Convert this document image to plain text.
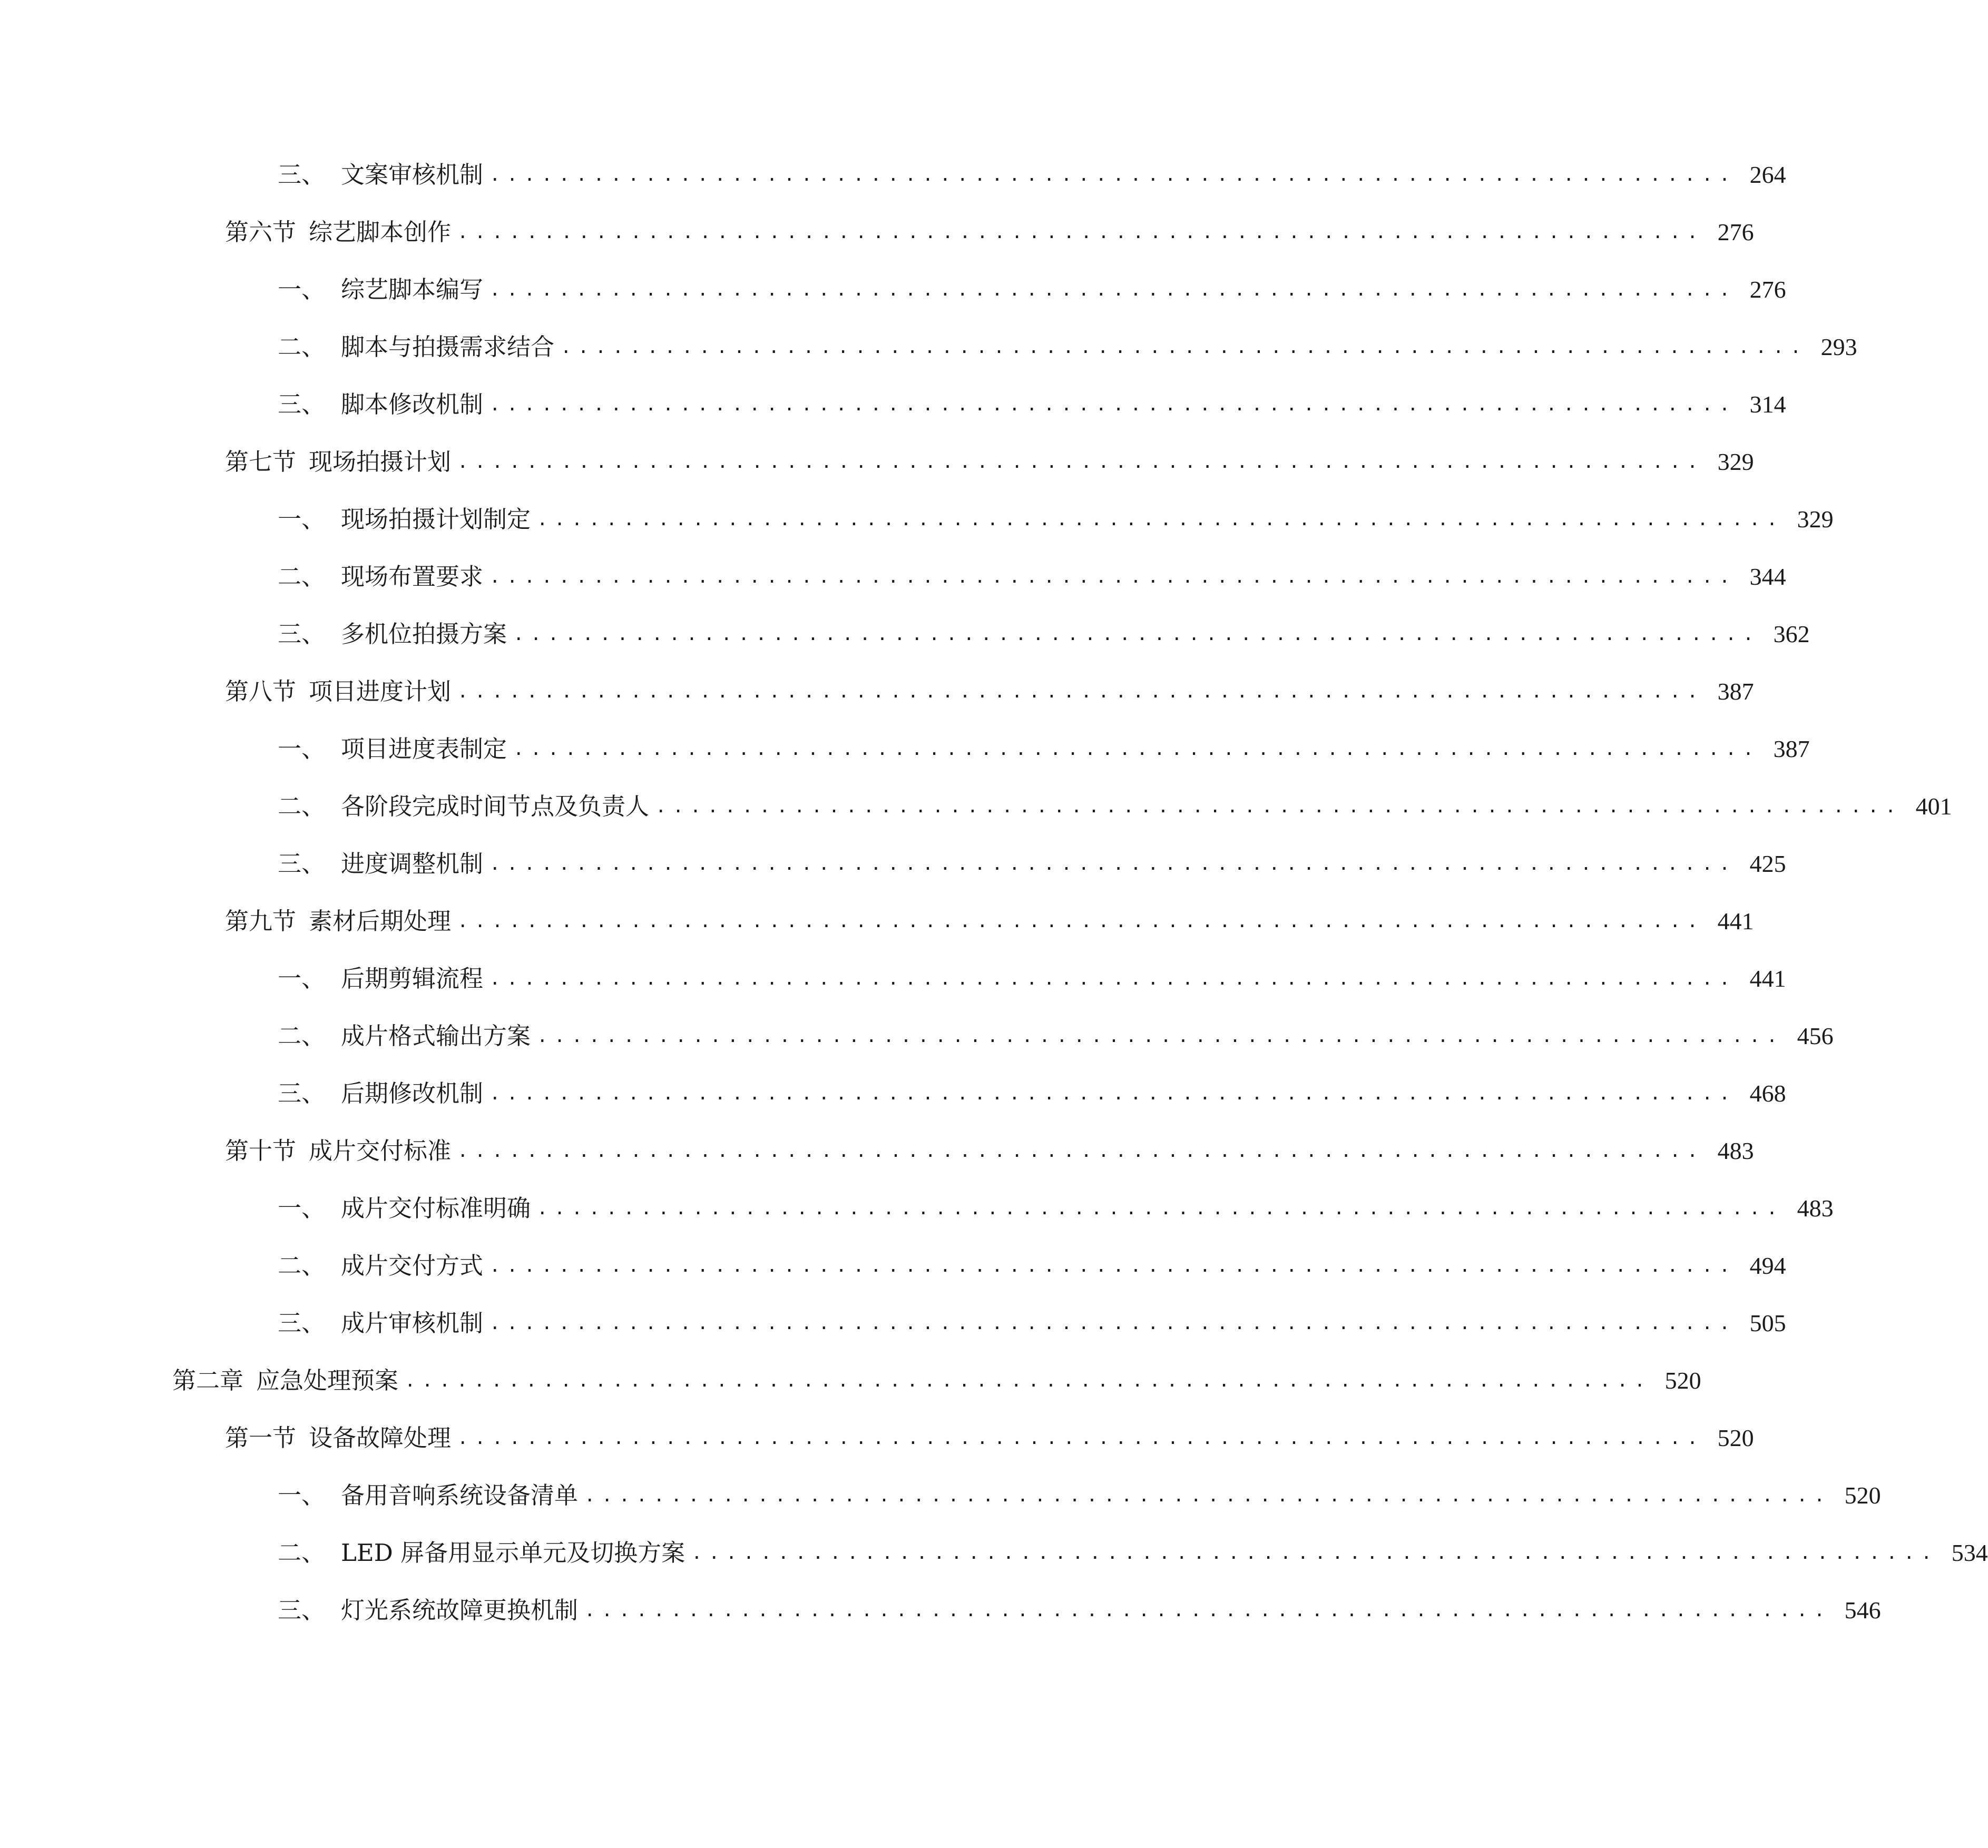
三、 文案审核机制 ........................................................................ 264
第六节 综艺脚本创作 ........................................................................ 276
一、 综艺脚本编写 ........................................................................ 276
二、 脚本与拍摄需求结合 ........................................................................ 293
三、 脚本修改机制 ........................................................................ 314
第七节 现场拍摄计划 ........................................................................ 329
一、 现场拍摄计划制定 ........................................................................ 329
二、 现场布置要求 ........................................................................ 344
三、 多机位拍摄方案 ........................................................................ 362
第八节 项目进度计划 ........................................................................ 387
一、 项目进度表制定 ........................................................................ 387
二、 各阶段完成时间节点及负责人 ........................................................................ 401
三、 进度调整机制 ........................................................................ 425
第九节 素材后期处理 ........................................................................ 441
一、 后期剪辑流程 ........................................................................ 441
二、 成片格式输出方案 ........................................................................ 456
三、 后期修改机制 ........................................................................ 468
第十节 成片交付标准 ........................................................................ 483
一、 成片交付标准明确 ........................................................................ 483
二、 成片交付方式 ........................................................................ 494
三、 成片审核机制 ........................................................................ 505
第二章 应急处理预案 ........................................................................ 520
第一节 设备故障处理 ........................................................................ 520
一、 备用音响系统设备清单 ........................................................................ 520
二、 LED 屏备用显示单元及切换方案 ........................................................................ 534
三、 灯光系统故障更换机制 ........................................................................ 546
